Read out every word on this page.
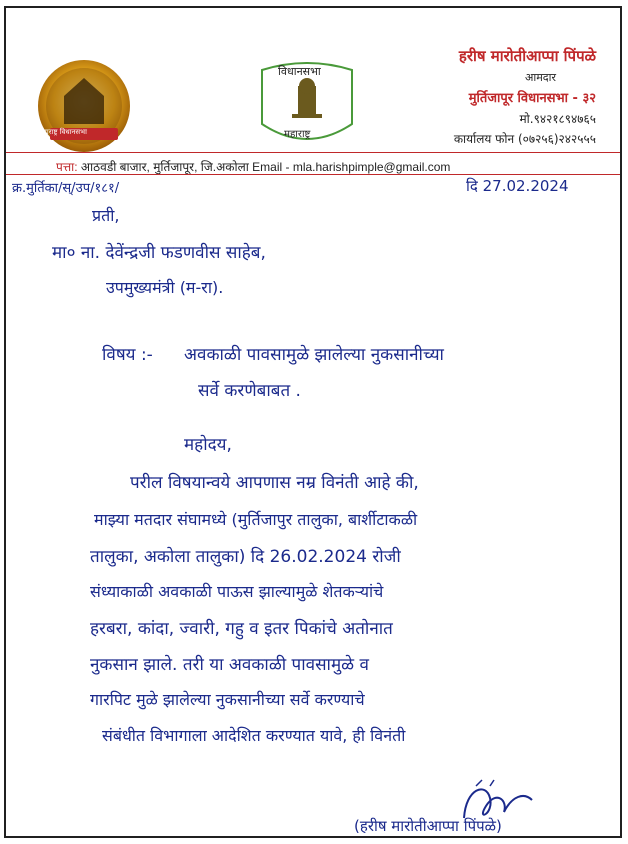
महाराष्ट्र विधानसभा
विधानसभा
महाराष्ट्र
हरीष मारोतीआप्पा पिंपळे
आमदार
मुर्तिजापूर विधानसभा - ३२
मो.९४२१८९४७६५
कार्यालय फोन (०७२५६)२४२५५५
पत्ता: आठवडी बाजार, मुर्तिजापूर, जि.अकोला Email - mla.harishpimple@gmail.com
क्र.मुर्तिका/स्/उप/१८१/	दि 27.02.2024
प्रती,
मा० ना. देवेंन्द्रजी फडणवीस साहेब,
उपमुख्यमंत्री (म-रा).
विषय :- अवकाळी पावसामुळे झालेल्या नुकसानीच्या
सर्वे करणेबाबत .
महोदय,
परील विषयान्वये आपणास नम्र विनंती आहे की,
माझ्या मतदार संघामध्ये (मुर्तिजापुर तालुका, बार्शीटाकळी
तालुका, अकोला तालुका) दि 26.02.2024 रोजी
संध्याकाळी अवकाळी पाऊस झाल्यामुळे शेतकऱ्यांचे
हरबरा, कांदा, ज्वारी, गहु व इतर पिकांचे अतोनात
नुकसान झाले. तरी या अवकाळी पावसामुळे व
गारपिट मुळे झालेल्या नुकसानीच्या सर्वे करण्याचे
संबंधीत विभागाला आदेशित करण्यात यावे, ही विनंती
(हरीष मारोतीआप्पा पिंपळे)
